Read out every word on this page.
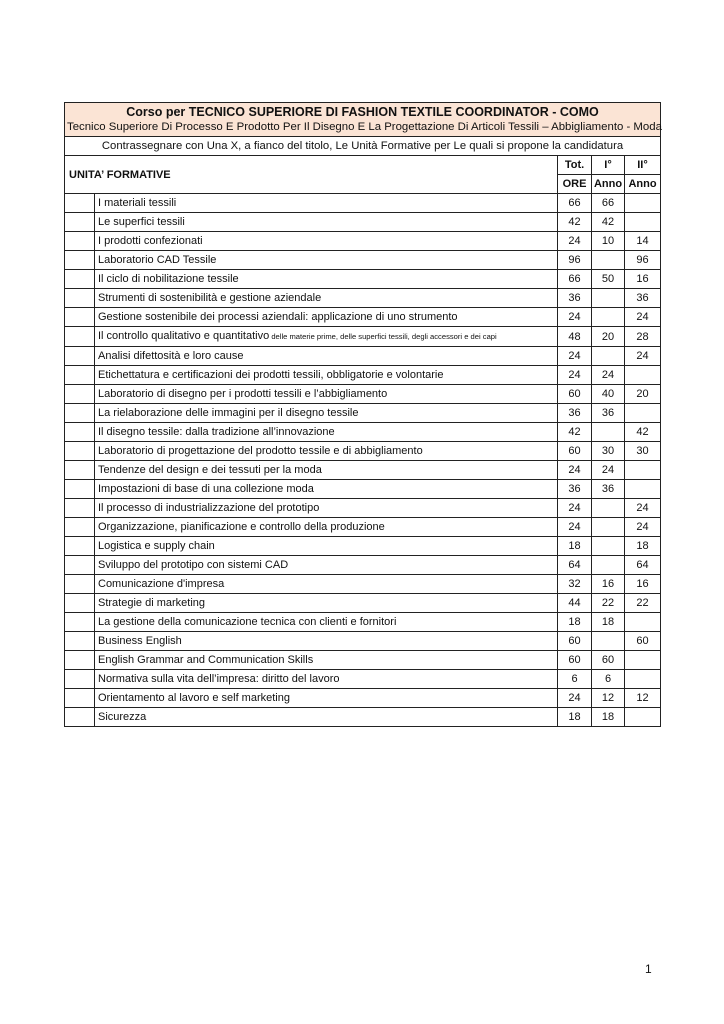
Corso per TECNICO SUPERIORE DI FASHION TEXTILE COORDINATOR - COMO
Tecnico Superiore Di Processo E Prodotto Per Il Disegno E La Progettazione Di Articoli Tessili – Abbigliamento - Moda				

Contrassegnare con Una X, a fianco del titolo, Le Unità Formative per Le quali si propone la candidatura				
UNITA’ FORMATIVE		Tot.	I°	II°
		ORE	Anno	Anno
	I materiali tessili	66	66	
	Le superfici tessili	42	42	
	I prodotti confezionati	24	10	14
	Laboratorio CAD Tessile	96		96
	Il ciclo di nobilitazione tessile	66	50	16
	Strumenti di sostenibilità e gestione aziendale	36		36
	Gestione sostenibile dei processi aziendali: applicazione di uno strumento	24		24
	Il controllo qualitativo e quantitativo delle materie prime, delle superfici tessili, degli accessori e dei capi	48	20	28
	Analisi difettosità e loro cause	24		24
	Etichettatura e certificazioni dei prodotti tessili, obbligatorie e volontarie	24	24	
	Laboratorio di disegno per i prodotti tessili e l’abbigliamento	60	40	20
	La rielaborazione delle immagini per il disegno tessile	36	36	
	Il disegno tessile: dalla tradizione all’innovazione	42		42
	Laboratorio di progettazione del prodotto tessile e di abbigliamento	60	30	30
	Tendenze del design e dei tessuti per la moda	24	24	
	Impostazioni di base di una collezione moda	36	36	
	Il processo di industrializzazione del prototipo	24		24
	Organizzazione, pianificazione e controllo della produzione	24		24
	Logistica e supply chain	18		18
	Sviluppo del prototipo con sistemi CAD	64		64
	Comunicazione d'impresa	32	16	16
	Strategie di marketing	44	22	22
	La gestione della comunicazione tecnica con clienti e fornitori	18	18	
	Business English	60		60
	English Grammar and Communication Skills	60	60	
	Normativa sulla vita dell’impresa: diritto del lavoro	6	6	
	Orientamento al lavoro e self marketing	24	12	12
	Sicurezza	18	18	
1
